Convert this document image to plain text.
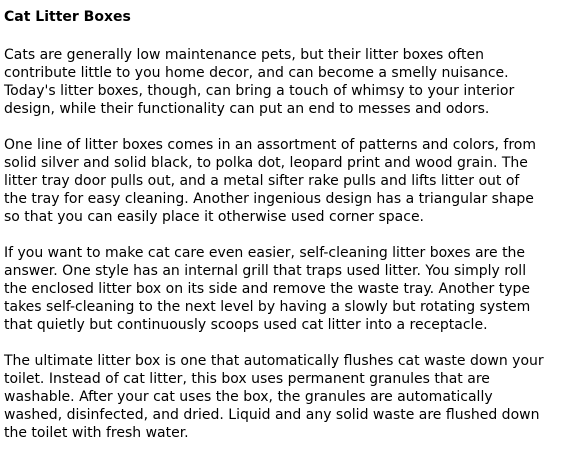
Cat Litter Boxes

Cats are generally low maintenance pets, but their litter boxes often
contribute little to you home decor, and can become a smelly nuisance.
Today's litter boxes, though, can bring a touch of whimsy to your interior
design, while their functionality can put an end to messes and odors.

One line of litter boxes comes in an assortment of patterns and colors, from
solid silver and solid black, to polka dot, leopard print and wood grain. The
litter tray door pulls out, and a metal sifter rake pulls and lifts litter out of
the tray for easy cleaning. Another ingenious design has a triangular shape
so that you can easily place it otherwise used corner space.

If you want to make cat care even easier, self-cleaning litter boxes are the
answer. One style has an internal grill that traps used litter. You simply roll
the enclosed litter box on its side and remove the waste tray. Another type
takes self-cleaning to the next level by having a slowly but rotating system
that quietly but continuously scoops used cat litter into a receptacle.

The ultimate litter box is one that automatically flushes cat waste down your
toilet. Instead of cat litter, this box uses permanent granules that are
washable. After your cat uses the box, the granules are automatically
washed, disinfected, and dried. Liquid and any solid waste are flushed down
the toilet with fresh water.
